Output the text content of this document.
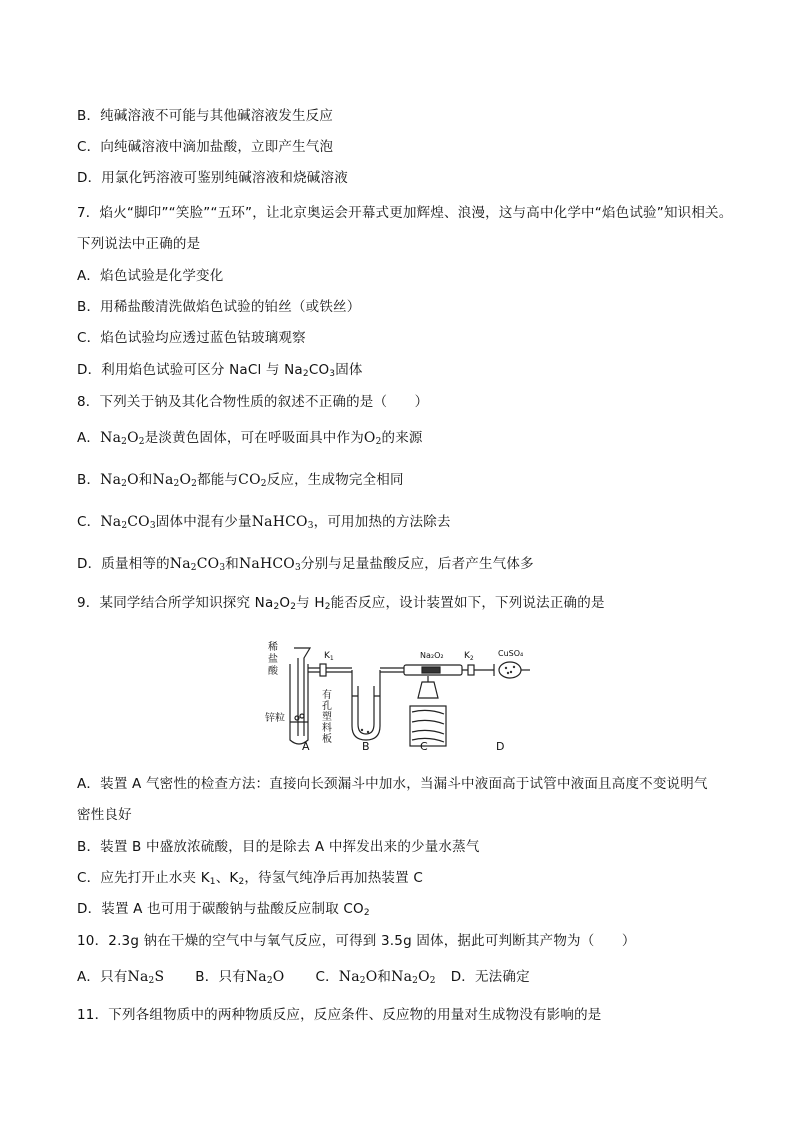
B．纯碱溶液不可能与其他碱溶液发生反应
C．向纯碱溶液中滴加盐酸，立即产生气泡
D．用氯化钙溶液可鉴别纯碱溶液和烧碱溶液
7．焰火“脚印”“笑脸”“五环”，让北京奥运会开幕式更加辉煌、浪漫，这与高中化学中“焰色试验”知识相关。
下列说法中正确的是
A．焰色试验是化学变化
B．用稀盐酸清洗做焰色试验的铂丝（或铁丝）
C．焰色试验均应透过蓝色钴玻璃观察
D．利用焰色试验可区分 NaCl 与 $Na_2CO_3$固体
8．下列关于钠及其化合物性质的叙述不正确的是（　　）
A．$Na_2O_2$是淡黄色固体，可在呼吸面具中作为$O_2$的来源
B．$Na_2O$和$Na_2O_2$都能与$CO_2$反应，生成物完全相同
C．$Na_2CO_3$固体中混有少量NaHCO$_3$，可用加热的方法除去
D．质量相等的$Na_2CO_3$和NaHCO$_3$分别与足量盐酸反应，后者产生气体多
9．某同学结合所学知识探究 $Na_2O_2$与 $H_2$能否反应，设计装置如下，下列说法正确的是
稀
盐
酸
锌粒
有
孔
塑
料
板
$K_1$	$K_2$
Na₂O₂	CuSO₄
A	B	C	D
A．装置 A 气密性的检查方法：直接向长颈漏斗中加水，当漏斗中液面高于试管中液面且高度不变说明气
密性良好
B．装置 B 中盛放浓硫酸，目的是除去 A 中挥发出来的少量水蒸气
C．应先打开止水夹 $K_1$、$K_2$，待氢气纯净后再加热装置 C
D．装置 A 也可用于碳酸钠与盐酸反应制取 $CO_2$
10．2.3g 钠在干燥的空气中与氧气反应，可得到 3.5g 固体，据此可判断其产物为（　　）
A．只有$Na_2S$ B．只有$Na_2O$ C．$Na_2O$和$Na_2O_2$ D．无法确定
11．下列各组物质中的两种物质反应，反应条件、反应物的用量对生成物没有影响的是
